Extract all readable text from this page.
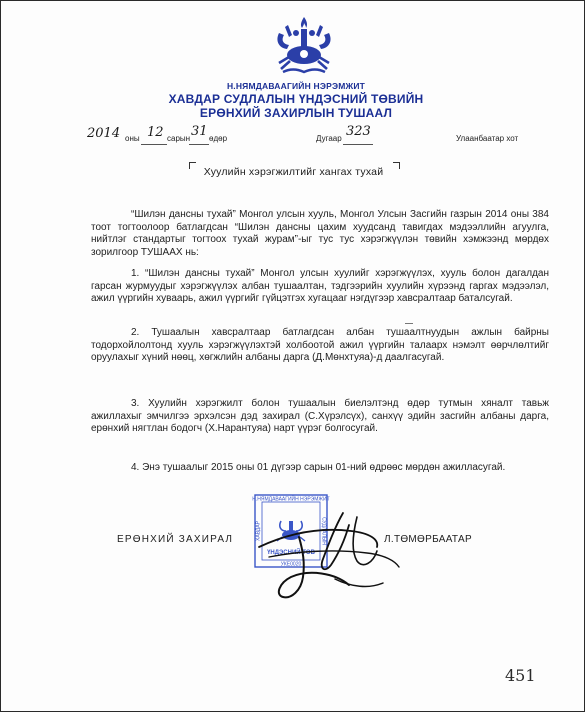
Н.НЯМДАВААГИЙН НЭРЭМЖИТ
ХАВДАР СУДЛАЛЫН ҮНДЭСНИЙ ТӨВИЙН
ЕРӨНХИЙ ЗАХИРЛЫН ТУШААЛ
2014 оны 12 сарын 31 өдөр	Дугаар 323	Улаанбаатар хот
Хуулийн хэрэгжилтийг хангах тухай

“Шилэн дансны тухай” Монгол улсын хууль, Монгол Улсын Засгийн газрын 2014 оны 384 тоот тогтоолоор батлагдсан “Шилэн дансны цахим хуудсанд тавигдах мэдээллийн агуулга, нийтлэг стандартыг тогтоох тухай журам”-ыг тус тус хэрэгжүүлэн төвийн хэмжээнд мөрдөх зорилгоор ТУШААХ нь:

1. “Шилэн дансны тухай” Монгол улсын хуулийг хэрэгжүүлэх, хууль болон дагалдан гарсан журмуудыг хэрэгжүүлэх албан тушаалтан, тэдгээрийн хуулийн хүрээнд гаргах мэдээлэл, ажил үүргийн хуваарь, ажил үүргийг гүйцэтгэх хугацааг нэгдүгээр хавсралтаар баталсугай.

2. Тушаалын хавсралтаар батлагдсан албан тушаалтнуудын ажлын байрны тодорхойлолтонд хууль хэрэгжүүлэхтэй холбоотой ажил үүргийн талаарх нэмэлт өөрчлөлтийг оруулахыг хүний нөөц, хөгжлийн албаны дарга (Д.Мөнхтуяа)-д даалгасугай.

3. Хуулийн хэрэгжилт болон тушаалын биелэлтэнд өдөр тутмын хяналт тавьж ажиллахыг эмчилгээ эрхэлсэн дэд захирал (С.Хүрэлсүх), санхүү эдийн засгийн албаны дарга, ерөнхий нягтлан бодогч (Х.Нарантуяа) нарт үүрэг болгосугай.

4. Энэ тушаалыг 2015 оны 01 дүгээр сарын 01-ний өдрөөс мөрдөн ажилласугай.

Н.НЯМДАВААГИЙН НЭРЭМЖИТ
ХАВДАР	СУДЛАЛЫН
ҮНДЭСНИЙ ТӨВ
УКЕ0020
ЕРӨНХИЙ ЗАХИРАЛ	Л.ТӨМӨРБААТАР
451
